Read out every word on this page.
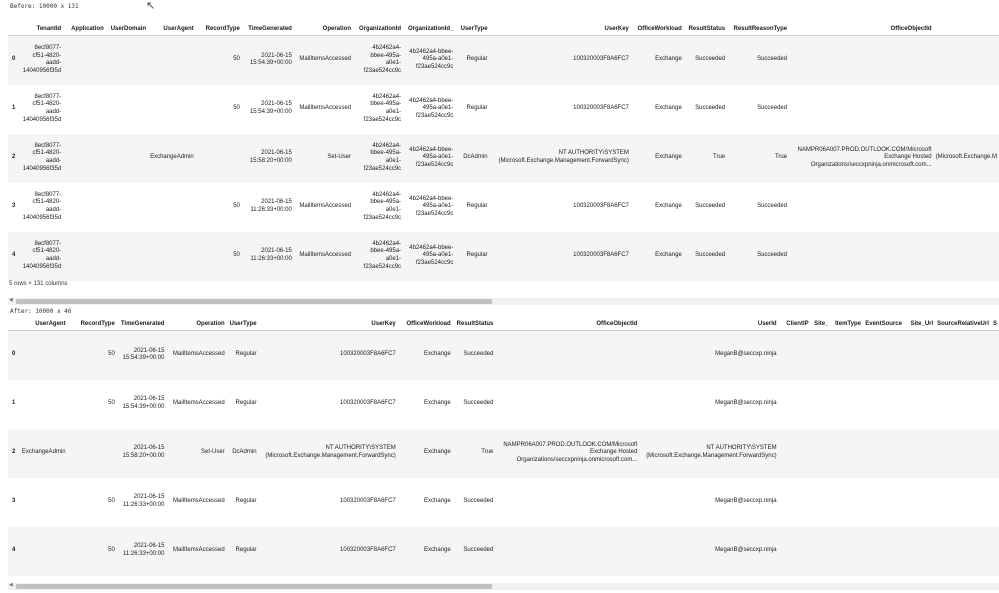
↖
Before: 10000 x 131
	TenantId	Application	UserDomain	UserAgent	RecordType	TimeGenerated	Operation	OrganizationId	OrganizationId_	UserType	UserKey	OfficeWorkload	ResultStatus	ResultReasonType	OfficeObjectId	
0	8ecf8077-
cf51-4820-
aadd-
14040956f35d				50	2021-06-15
15:54:39+00:00	MailItemsAccessed	4b2462a4-
bbee-495a-
a0e1-
f23ae524cc9c	4b2462a4-bbee-
495a-a0e1-
f23ae524cc9c	Regular	100320003F8A6FC7	Exchange	Succeeded	Succeeded		
1	8ecf8077-
cf51-4820-
aadd-
14040956f35d				50	2021-06-15
15:54:39+00:00	MailItemsAccessed	4b2462a4-
bbee-495a-
a0e1-
f23ae524cc9c	4b2462a4-bbee-
495a-a0e1-
f23ae524cc9c	Regular	100320003F8A6FC7	Exchange	Succeeded	Succeeded		
2	8ecf8077-
cf51-4820-
aadd-
14040956f35d			ExchangeAdmin		2021-06-15
15:58:20+00:00	Set-User	4b2462a4-
bbee-495a-
a0e1-
f23ae524cc9c	4b2462a4-bbee-
495a-a0e1-
f23ae524cc9c	DcAdmin	NT AUTHORITY\SYSTEM
(Microsoft.Exchange.Management.ForwardSync)	Exchange	True	True	NAMPR06A007.PROD.OUTLOOK.COM/Microsoft
Exchange Hosted
Organizations/seccxpninja.onmicrosoft.com...	(Microsoft.Exchange.M
3	8ecf8077-
cf51-4820-
aadd-
14040956f35d				50	2021-06-15
11:26:33+00:00	MailItemsAccessed	4b2462a4-
bbee-495a-
a0e1-
f23ae524cc9c	4b2462a4-bbee-
495a-a0e1-
f23ae524cc9c	Regular	100320003F8A6FC7	Exchange	Succeeded	Succeeded		
4	8ecf8077-
cf51-4820-
aadd-
14040956f35d				50	2021-06-15
11:26:33+00:00	MailItemsAccessed	4b2462a4-
bbee-495a-
a0e1-
f23ae524cc9c	4b2462a4-bbee-
495a-a0e1-
f23ae524cc9c	Regular	100320003F8A6FC7	Exchange	Succeeded	Succeeded		
5 rows × 131 columns
◀
After: 10000 x 46
	UserAgent	RecordType	TimeGenerated	Operation	UserType	UserKey	OfficeWorkload	ResultStatus	OfficeObjectId	UserId	ClientIP	Site_	ItemType	EventSource	Site_Url	SourceRelativeUrl	S
0		50	2021-06-15
15:54:39+00:00	MailItemsAccessed	Regular	100320003F8A6FC7	Exchange	Succeeded		MeganB@seccxp.ninja							
1		50	2021-06-15
15:54:39+00:00	MailItemsAccessed	Regular	100320003F8A6FC7	Exchange	Succeeded		MeganB@seccxp.ninja							
2	ExchangeAdmin		2021-06-15
15:58:20+00:00	Set-User	DcAdmin	NT AUTHORITY\SYSTEM
(Microsoft.Exchange.Management.ForwardSync)	Exchange	True	NAMPR06A007.PROD.OUTLOOK.COM/Microsoft
Exchange Hosted
Organizations/seccxpninja.onmicrosoft.com...	NT AUTHORITY\SYSTEM
(Microsoft.Exchange.Management.ForwardSync)							
3		50	2021-06-15
11:26:33+00:00	MailItemsAccessed	Regular	100320003F8A6FC7	Exchange	Succeeded		MeganB@seccxp.ninja							
4		50	2021-06-15
11:26:33+00:00	MailItemsAccessed	Regular	100320003F8A6FC7	Exchange	Succeeded		MeganB@seccxp.ninja							
◀
